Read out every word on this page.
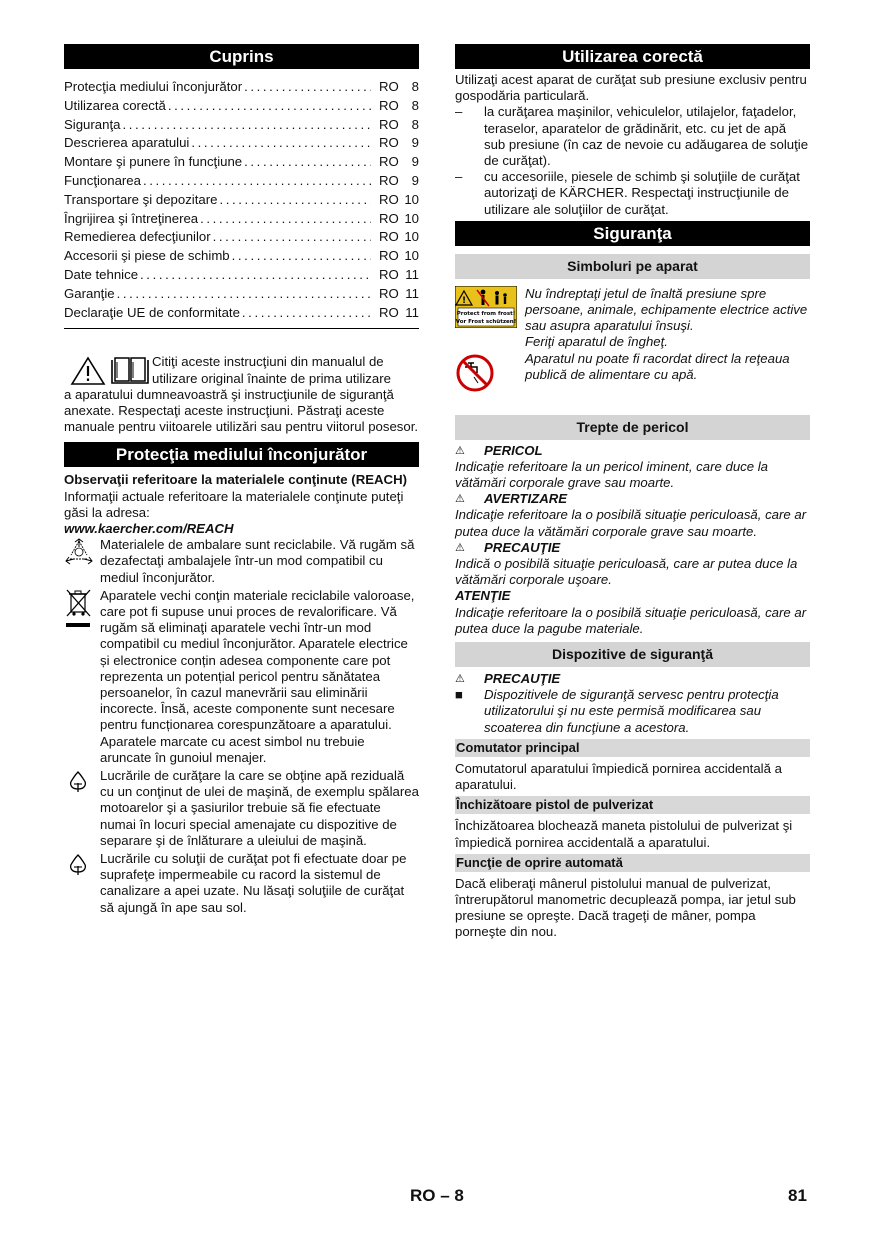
Cuprins
Protecţia mediului înconjurător .....	RO 8
Utilizarea corectă .....	RO 8
Siguranţa .....	RO 8
Descrierea aparatului .....	RO 9
Montare şi punere în funcţiune .....	RO 9
Funcţionarea .....	RO 9
Transportare şi depozitare .....	RO 10
Îngrijirea şi întreţinerea .....	RO 10
Remedierea defecţiunilor .....	RO 10
Accesorii şi piese de schimb .....	RO 10
Date tehnice .....	RO 11
Garanţie .....	RO 11
Declaraţie UE de conformitate .....	RO 11

Citiţi aceste instrucţiuni din manualul de utilizare original înainte de prima utilizare

a aparatului dumneavoastră şi instrucţiunile de siguranţă anexate. Respectaţi aceste instrucţiuni. Păstraţi aceste manuale pentru viitoarele utilizări sau pentru viitorul posesor.

Protecţia mediului înconjurător

Observaţii referitoare la materialele conţinute (REACH)

Informaţii actuale referitoare la materialele conţinute puteţi găsi la adresa:

www.kaercher.com/REACH

Materialele de ambalare sunt reciclabile. Vă rugăm să dezafectaţi ambalajele într-un mod compatibil cu mediul înconjurător.

Aparatele vechi conţin materiale reciclabile valoroase, care pot fi supuse unui proces de revalorificare. Vă rugăm să eliminaţi aparatele vechi într-un mod compatibil cu mediul înconjurător. Aparatele electrice și electronice conțin adesea componente care pot reprezenta un potențial pericol pentru sănătatea persoanelor, în cazul manevrării sau eliminării incorecte. Însă, aceste componente sunt necesare pentru funcționarea corespunzătoare a aparatului. Aparatele marcate cu acest simbol nu trebuie aruncate în gunoiul menajer.

Lucrările de curăţare la care se obţine apă reziduală cu un conţinut de ulei de maşină, de exemplu spălarea motoarelor şi a şasiurilor trebuie să fie efectuate numai în locuri special amenajate cu dispozitive de separare şi de înlăturare a uleiului de maşină.

Lucrările cu soluţii de curăţat pot fi efectuate doar pe suprafeţe impermeabile cu racord la sistemul de canalizare a apei uzate. Nu lăsaţi soluţiile de curăţat să ajungă în ape sau sol.

Utilizarea corectă

Utilizaţi acest aparat de curăţat sub presiune exclusiv pentru gospodăria particulară.

–	la curăţarea maşinilor, vehiculelor, utilajelor, faţadelor, teraselor, aparatelor de grădinărit, etc. cu jet de apă sub presiune (în caz de nevoie cu adăugarea de soluţie de curăţat).

–	cu accesoriile, piesele de schimb şi soluţiile de curăţat autorizaţi de KÄRCHER. Respectaţi instrucţiunile de utilizare ale soluţiilor de curăţat.

Siguranţa
Simboluri pe aparat
!
Protect from frost!
Vor Frost schützen!

Nu îndreptaţi jetul de înaltă presiune spre persoane, animale, echipamente electrice active sau asupra aparatului însuşi.

Feriţi aparatul de îngheţ.

Aparatul nu poate fi racordat direct la reţeaua publică de alimentare cu apă.

Trepte de pericol
⚠	PERICOL

Indicaţie referitoare la un pericol iminent, care duce la vătămări corporale grave sau moarte.

⚠	AVERTIZARE

Indicaţie referitoare la o posibilă situaţie periculoasă, care ar putea duce la vătămări corporale grave sau moarte.

⚠	PRECAUŢIE

Indică o posibilă situaţie periculoasă, care ar putea duce la vătămări corporale uşoare.

ATENŢIE

Indicaţie referitoare la o posibilă situaţie periculoasă, care ar putea duce la pagube materiale.

Dispozitive de siguranţă
⚠	PRECAUŢIE
■	Dispozitivele de siguranţă servesc pentru protecţia utilizatorului şi nu este permisă modificarea sau scoaterea din funcţiune a acestora.

Comutator principal

Comutatorul aparatului împiedică pornirea accidentală a aparatului.

Închizătoare pistol de pulverizat

Închizătoarea blochează maneta pistolului de pulverizat şi împiedică pornirea accidentală a aparatului.

Funcţie de oprire automată

Dacă eliberaţi mânerul pistolului manual de pulverizat, întrerupătorul manometric decuplează pompa, iar jetul sub presiune se opreşte. Dacă trageţi de mâner, pompa porneşte din nou.

RO – 8	81
